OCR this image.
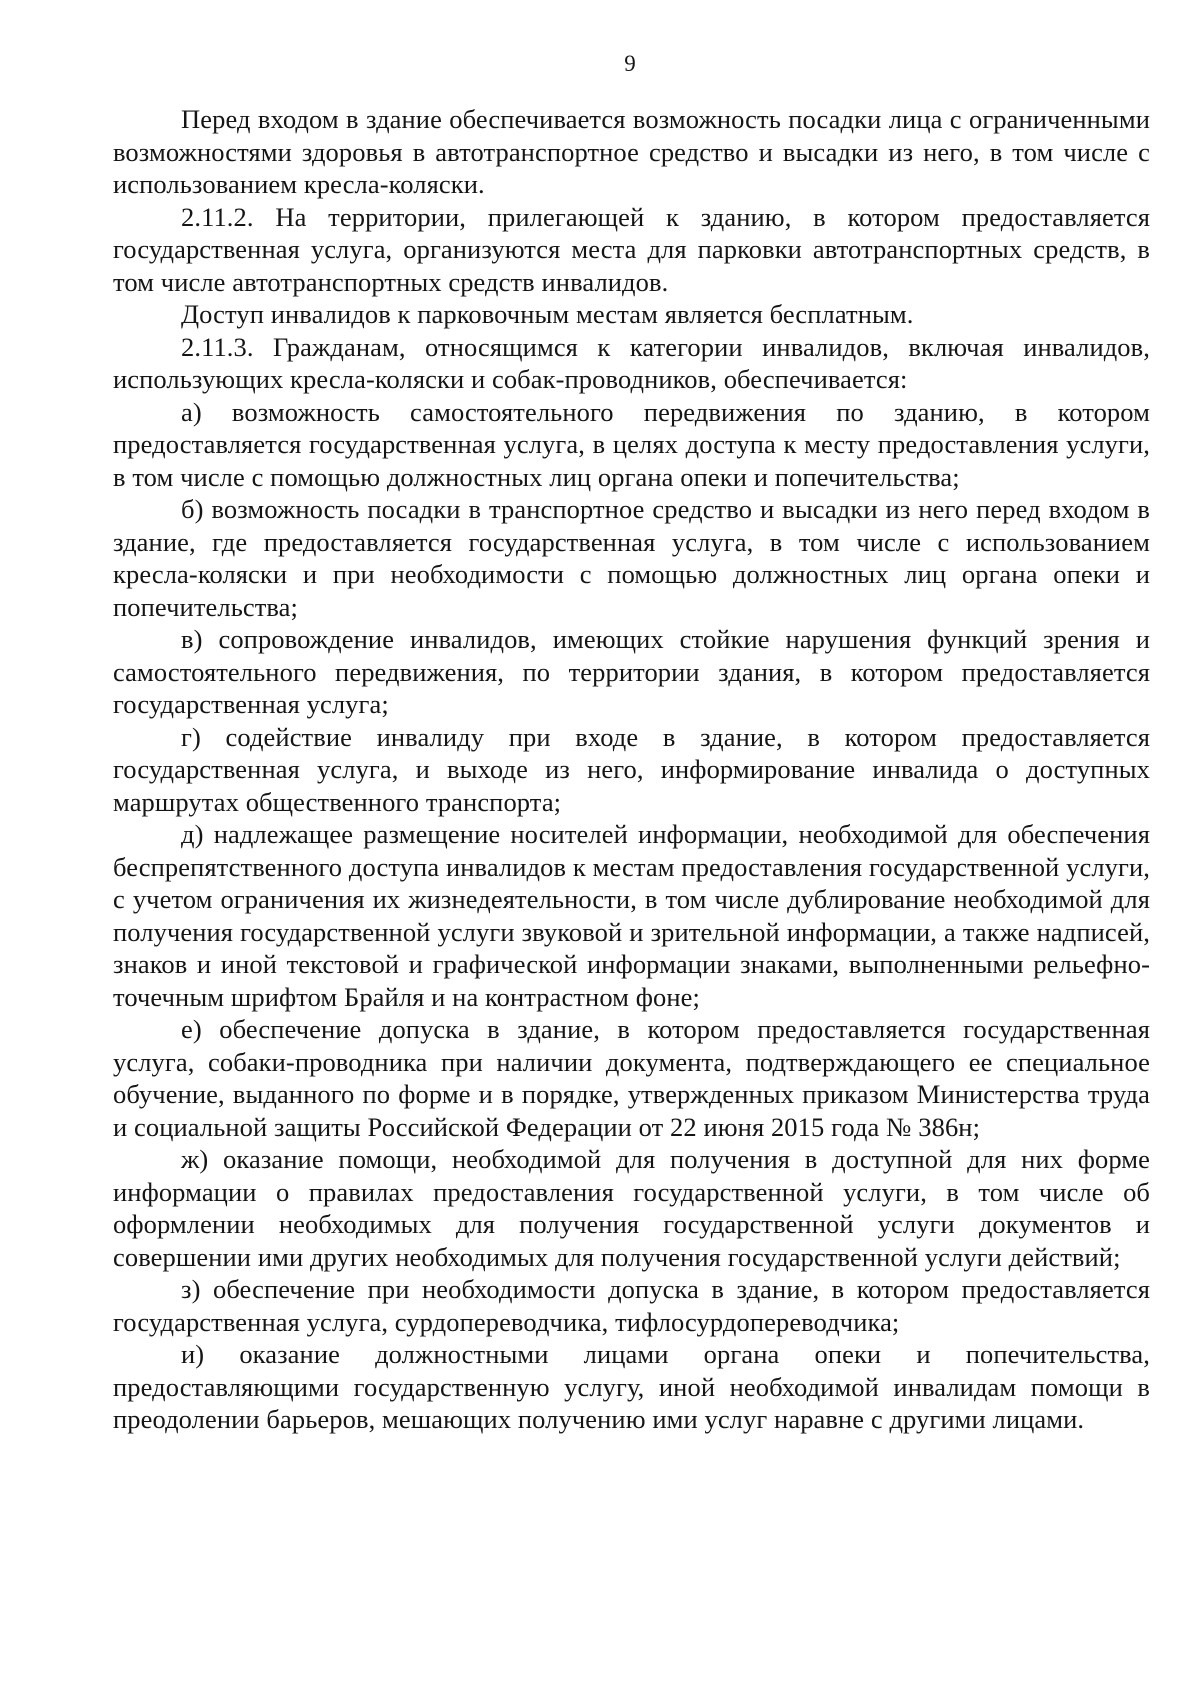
9

Перед входом в здание обеспечивается возможность посадки лица с ограниченными возможностями здоровья в автотранспортное средство и высадки из него, в том числе с использованием кресла-коляски.

2.11.2. На территории, прилегающей к зданию, в котором предоставляется государственная услуга, организуются места для парковки автотранспортных средств, в том числе автотранспортных средств инвалидов.

Доступ инвалидов к парковочным местам является бесплатным.

2.11.3. Гражданам, относящимся к категории инвалидов, включая инвалидов, использующих кресла-коляски и собак-проводников, обеспечивается:

а) возможность самостоятельного передвижения по зданию, в котором предоставляется государственная услуга, в целях доступа к месту предоставления услуги, в том числе с помощью должностных лиц органа опеки и попечительства;

б) возможность посадки в транспортное средство и высадки из него перед входом в здание, где предоставляется государственная услуга, в том числе с использованием кресла-коляски и при необходимости с помощью должностных лиц органа опеки и попечительства;

в) сопровождение инвалидов, имеющих стойкие нарушения функций зрения и самостоятельного передвижения, по территории здания, в котором предоставляется государственная услуга;

г) содействие инвалиду при входе в здание, в котором предоставляется государственная услуга, и выходе из него, информирование инвалида о доступных маршрутах общественного транспорта;

д) надлежащее размещение носителей информации, необходимой для обеспечения беспрепятственного доступа инвалидов к местам предоставления государственной услуги, с учетом ограничения их жизнедеятельности, в том числе дублирование необходимой для получения государственной услуги звуковой и зрительной информации, а также надписей, знаков и иной текстовой и графической информации знаками, выполненными рельефно-точечным шрифтом Брайля и на контрастном фоне;

е) обеспечение допуска в здание, в котором предоставляется государственная услуга, собаки-проводника при наличии документа, подтверждающего ее специальное обучение, выданного по форме и в порядке, утвержденных приказом Министерства труда и социальной защиты Российской Федерации от 22 июня 2015 года № 386н;

ж) оказание помощи, необходимой для получения в доступной для них форме информации о правилах предоставления государственной услуги, в том числе об оформлении необходимых для получения государственной услуги документов и совершении ими других необходимых для получения государственной услуги действий;

з) обеспечение при необходимости допуска в здание, в котором предоставляется государственная услуга, сурдопереводчика, тифлосурдопереводчика;

и) оказание должностными лицами органа опеки и попечительства, предоставляющими государственную услугу, иной необходимой инвалидам помощи в преодолении барьеров, мешающих получению ими услуг наравне с другими лицами.
